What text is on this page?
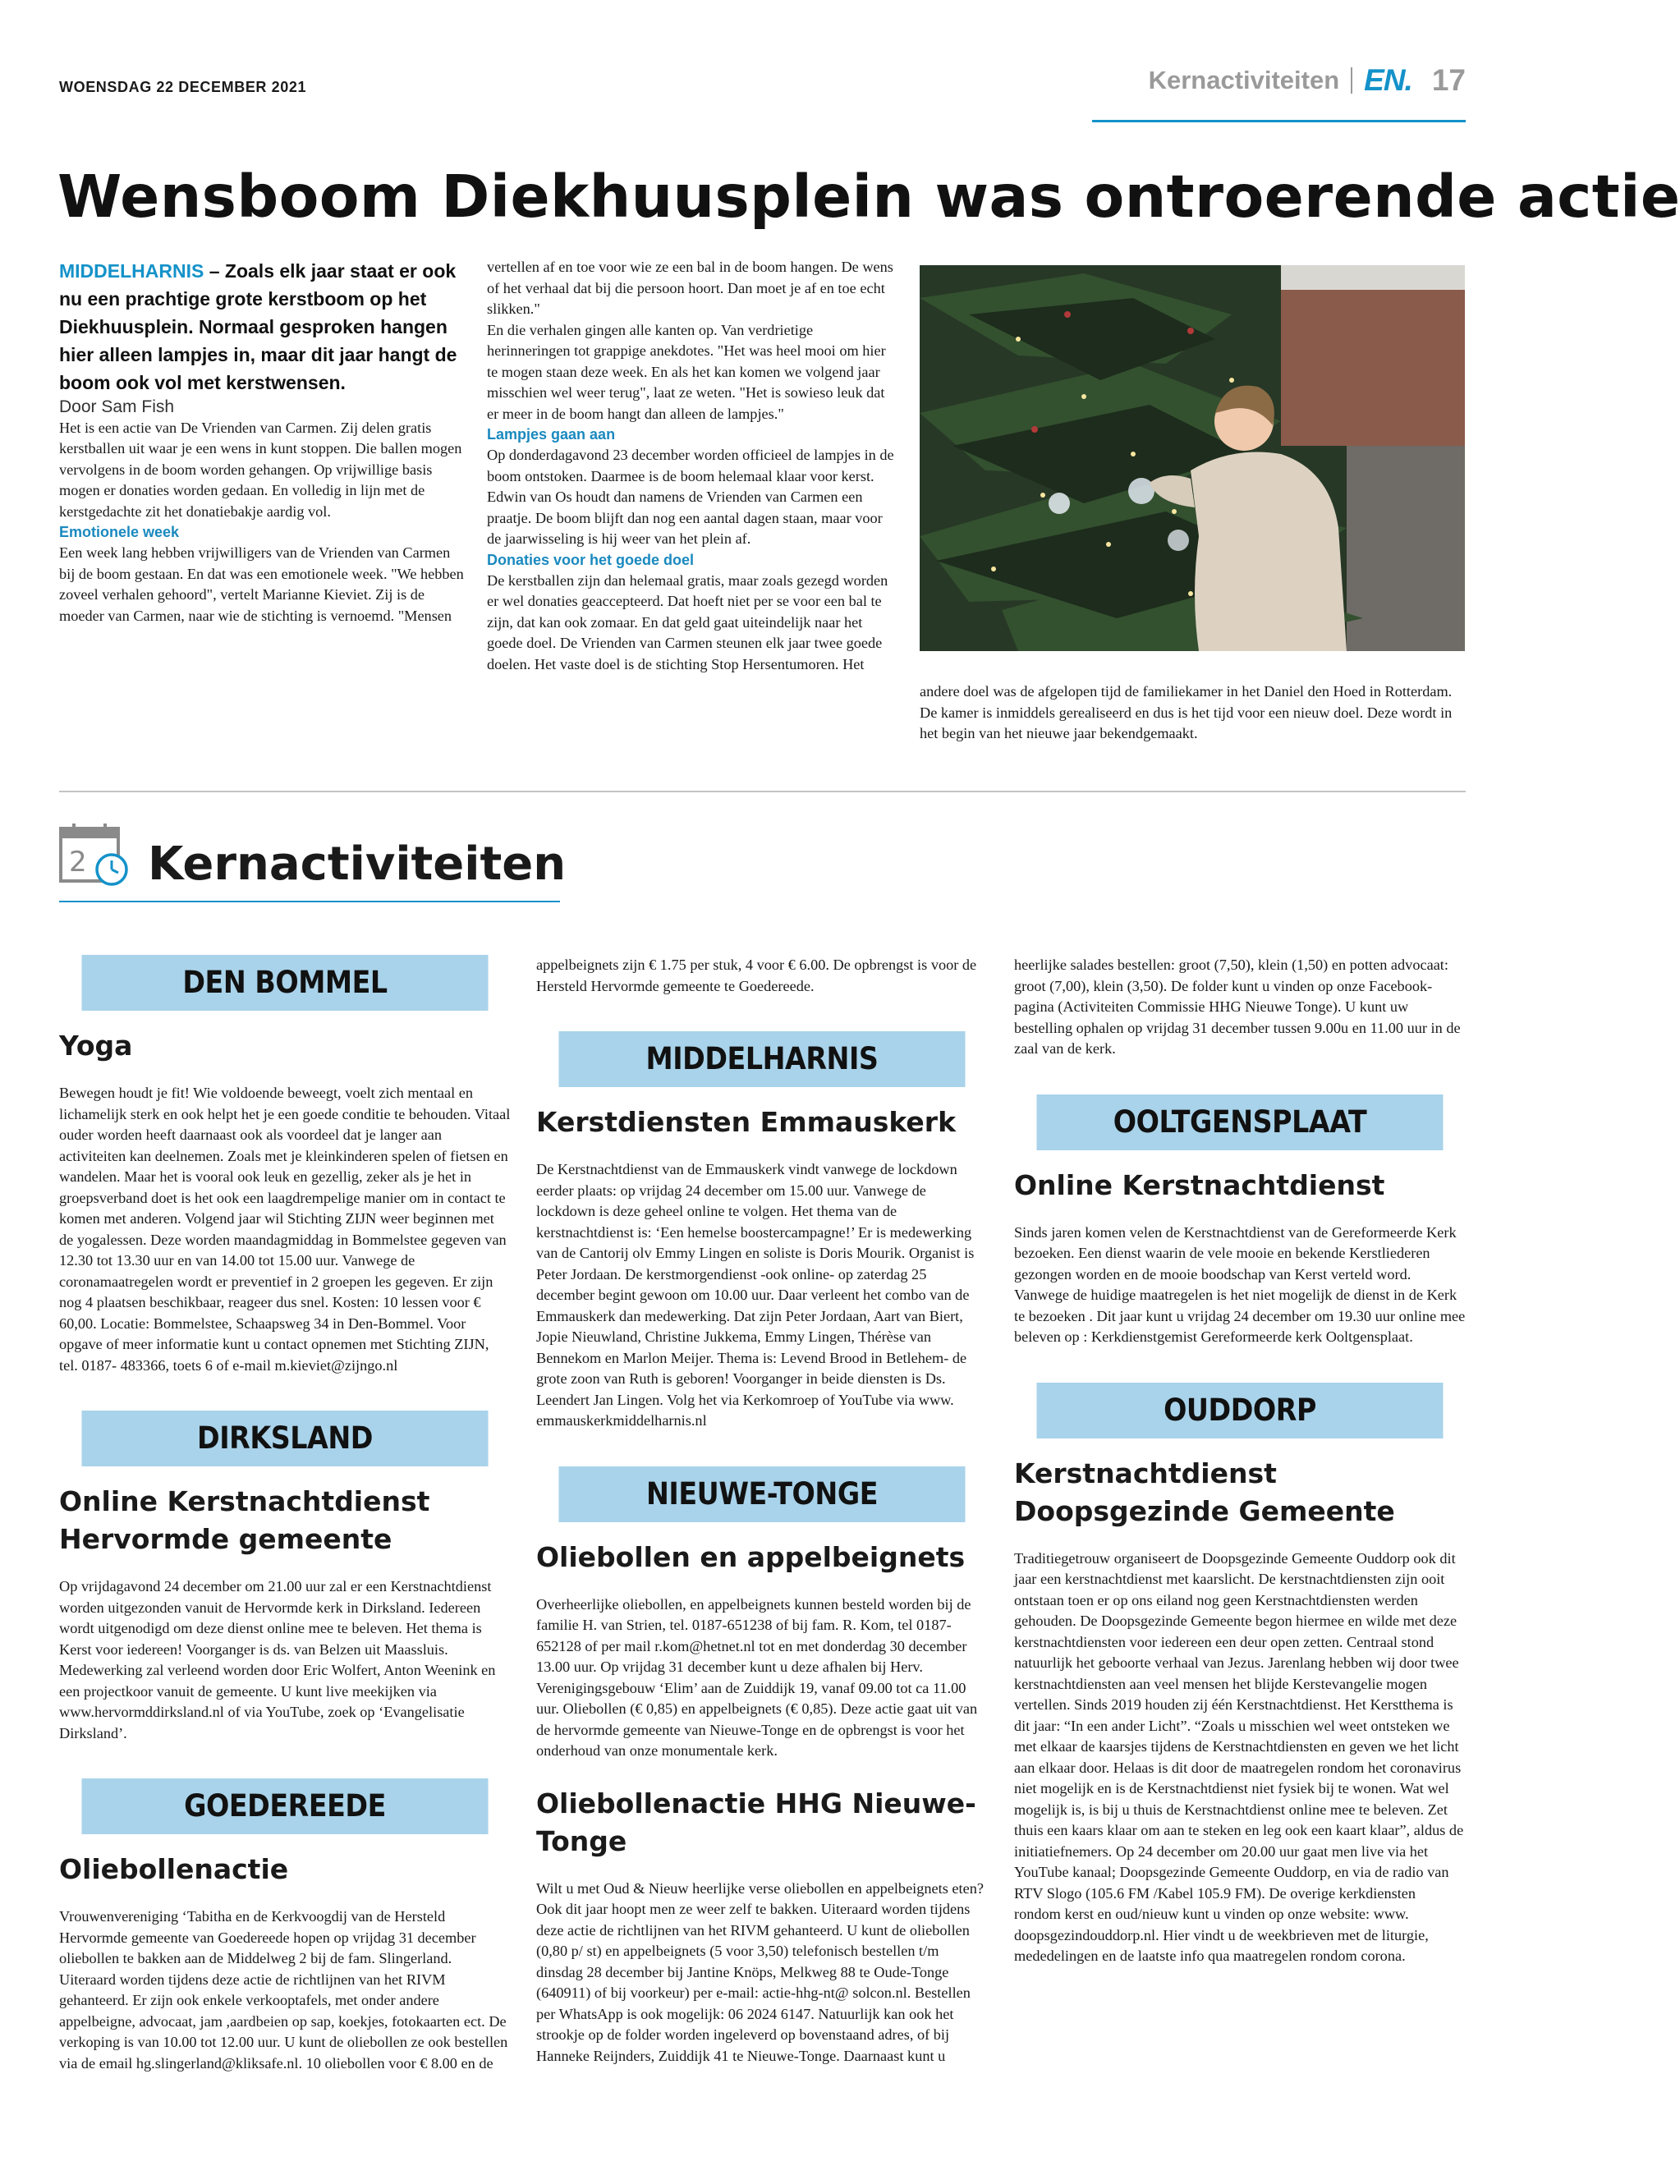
WOENSDAG 22 DECEMBER 2021	Kernactiviteiten EN. 17
Wensboom Diekhuusplein was ontroerende actie

MIDDELHARNIS – Zoals elk jaar staat er ook nu een prachtige grote kerstboom op het Diekhuusplein. Normaal gesproken hangen hier alleen lampjes in, maar dit jaar hangt de boom ook vol met kerstwensen.

Door Sam Fish

Het is een actie van De Vrienden van Carmen. Zij delen gratis kerstballen uit waar je een wens in kunt stoppen. Die ballen mogen vervolgens in de boom worden gehangen. Op vrijwillige basis mogen er donaties worden gedaan. En volledig in lijn met de kerstgedachte zit het donatiebakje aardig vol.

Emotionele week

Een week lang hebben vrijwilligers van de Vrienden van Carmen bij de boom gestaan. En dat was een emotionele week. "We hebben zoveel verhalen gehoord", vertelt Marianne Kieviet. Zij is de moeder van Carmen, naar wie de stichting is vernoemd. "Mensen

vertellen af en toe voor wie ze een bal in de boom hangen. De wens of het verhaal dat bij die persoon hoort. Dan moet je af en toe echt slikken."

En die verhalen gingen alle kanten op. Van verdrietige herinneringen tot grappige anekdotes. "Het was heel mooi om hier te mogen staan deze week. En als het kan komen we volgend jaar misschien wel weer terug", laat ze weten. "Het is sowieso leuk dat er meer in de boom hangt dan alleen de lampjes."

Lampjes gaan aan

Op donderdagavond 23 december worden officieel de lampjes in de boom ontstoken. Daarmee is de boom helemaal klaar voor kerst. Edwin van Os houdt dan namens de Vrienden van Carmen een praatje. De boom blijft dan nog een aantal dagen staan, maar voor de jaarwisseling is hij weer van het plein af.

Donaties voor het goede doel

De kerstballen zijn dan helemaal gratis, maar zoals gezegd worden er wel donaties geaccepteerd. Dat hoeft niet per se voor een bal te zijn, dat kan ook zomaar. En dat geld gaat uiteindelijk naar het goede doel. De Vrienden van Carmen steunen elk jaar twee goede doelen. Het vaste doel is de stichting Stop Hersentumoren. Het

2 Kernactiviteiten
DEN BOMMEL
Yoga

Bewegen houdt je fit! Wie voldoende beweegt, voelt zich mentaal en lichamelijk sterk en ook helpt het je een goede conditie te behouden. Vitaal ouder worden heeft daarnaast ook als voordeel dat je langer aan activiteiten kan deelnemen. Zoals met je kleinkinderen spelen of fietsen en wandelen. Maar het is vooral ook leuk en gezellig, zeker als je het in groepsverband doet is het ook een laagdrempelige manier om in contact te komen met anderen. Volgend jaar wil Stichting ZIJN weer beginnen met de yogalessen. Deze worden maandagmiddag in Bommelstee gegeven van 12.30 tot 13.30 uur en van 14.00 tot 15.00 uur. Vanwege de coronamaatregelen wordt er preventief in 2 groepen les gegeven. Er zijn nog 4 plaatsen beschikbaar, reageer dus snel. Kosten: 10 lessen voor € 60,00. Locatie: Bommelstee, Schaapsweg 34 in Den-Bommel. Voor opgave of meer informatie kunt u contact opnemen met Stichting ZIJN, tel. 0187- 483366, toets 6 of e-mail m.kieviet@zijngo.nl

DIRKSLAND
Online Kerstnachtdienst Hervormde gemeente

Op vrijdagavond 24 december om 21.00 uur zal er een Kerstnachtdienst worden uitgezonden vanuit de Hervormde kerk in Dirksland. Iedereen wordt uitgenodigd om deze dienst online mee te beleven. Het thema is Kerst voor iedereen! Voorganger is ds. van Belzen uit Maassluis. Medewerking zal verleend worden door Eric Wolfert, Anton Weenink en een projectkoor vanuit de gemeente. U kunt live meekijken via www.hervormddirksland.nl of via YouTube, zoek op ‘Evangelisatie Dirksland’.

GOEDEREEDE
Oliebollenactie

Vrouwenvereniging ‘Tabitha en de Kerkvoogdij van de Hersteld Hervormde gemeente van Goedereede hopen op vrijdag 31 december oliebollen te bakken aan de Middelweg 2 bij de fam. Slingerland. Uiteraard worden tijdens deze actie de richtlijnen van het RIVM gehanteerd. Er zijn ook enkele verkooptafels, met onder andere appelbeigne, advocaat, jam ,aardbeien op sap, koekjes, fotokaarten ect. De verkoping is van 10.00 tot 12.00 uur. U kunt de oliebollen ze ook bestellen via de email hg.slingerland@kliksafe.nl. 10 oliebollen voor € 8.00 en de

appelbeignets zijn € 1.75 per stuk, 4 voor € 6.00. De opbrengst is voor de Hersteld Hervormde gemeente te Goedereede.

MIDDELHARNIS
Kerstdiensten Emmauskerk

De Kerstnachtdienst van de Emmauskerk vindt vanwege de lockdown eerder plaats: op vrijdag 24 december om 15.00 uur. Vanwege de lockdown is deze geheel online te volgen. Het thema van de kerstnachtdienst is: ‘Een hemelse boostercampagne!’ Er is medewerking van de Cantorij olv Emmy Lingen en soliste is Doris Mourik. Organist is Peter Jordaan. De kerstmorgendienst -ook online- op zaterdag 25 december begint gewoon om 10.00 uur. Daar verleent het combo van de Emmauskerk dan medewerking. Dat zijn Peter Jordaan, Aart van Biert, Jopie Nieuwland, Christine Jukkema, Emmy Lingen, Thérèse van Bennekom en Marlon Meijer. Thema is: Levend Brood in Betlehem- de grote zoon van Ruth is geboren! Voorganger in beide diensten is Ds. Leendert Jan Lingen. Volg het via Kerkomroep of YouTube via www. emmauskerkmiddelharnis.nl

NIEUWE-TONGE
Oliebollen en appelbeignets

Overheerlijke oliebollen, en appelbeignets kunnen besteld worden bij de familie H. van Strien, tel. 0187-651238 of bij fam. R. Kom, tel 0187-652128 of per mail r.kom@hetnet.nl tot en met donderdag 30 december 13.00 uur. Op vrijdag 31 december kunt u deze afhalen bij Herv. Verenigingsgebouw ‘Elim’ aan de Zuiddijk 19, vanaf 09.00 tot ca 11.00 uur. Oliebollen (€ 0,85) en appelbeignets (€ 0,85). Deze actie gaat uit van de hervormde gemeente van Nieuwe-Tonge en de opbrengst is voor het onderhoud van onze monumentale kerk.

Oliebollenactie HHG Nieuwe-Tonge

Wilt u met Oud & Nieuw heerlijke verse oliebollen en appelbeignets eten? Ook dit jaar hoopt men ze weer zelf te bakken. Uiteraard worden tijdens deze actie de richtlijnen van het RIVM gehanteerd. U kunt de oliebollen (0,80 p/ st) en appelbeignets (5 voor 3,50) telefonisch bestellen t/m dinsdag 28 december bij Jantine Knöps, Melkweg 88 te Oude-Tonge (640911) of bij voorkeur) per e-mail: actie-hhg-nt@ solcon.nl. Bestellen per WhatsApp is ook mogelijk: 06 2024 6147. Natuurlijk kan ook het strookje op de folder worden ingeleverd op bovenstaand adres, of bij Hanneke Reijnders, Zuiddijk 41 te Nieuwe-Tonge. Daarnaast kunt u

heerlijke salades bestellen: groot (7,50), klein (1,50) en potten advocaat: groot (7,00), klein (3,50). De folder kunt u vinden op onze Facebook-pagina (Activiteiten Commissie HHG Nieuwe Tonge). U kunt uw bestelling ophalen op vrijdag 31 december tussen 9.00u en 11.00 uur in de zaal van de kerk.

OOLTGENSPLAAT
Online Kerstnachtdienst

Sinds jaren komen velen de Kerstnachtdienst van de Gereformeerde Kerk bezoeken. Een dienst waarin de vele mooie en bekende Kerstliederen gezongen worden en de mooie boodschap van Kerst verteld word. Vanwege de huidige maatregelen is het niet mogelijk de dienst in de Kerk te bezoeken . Dit jaar kunt u vrijdag 24 december om 19.30 uur online mee beleven op : Kerkdienstgemist Gereformeerde kerk Ooltgensplaat.

OUDDORP
Kerstnachtdienst Doopsgezinde Gemeente

Traditiegetrouw organiseert de Doopsgezinde Gemeente Ouddorp ook dit jaar een kerstnachtdienst met kaarslicht. De kerstnachtdiensten zijn ooit ontstaan toen er op ons eiland nog geen Kerstnachtdiensten werden gehouden. De Doopsgezinde Gemeente begon hiermee en wilde met deze kerstnachtdiensten voor iedereen een deur open zetten. Centraal stond natuurlijk het geboorte verhaal van Jezus. Jarenlang hebben wij door twee kerstnachtdiensten aan veel mensen het blijde Kerstevangelie mogen vertellen. Sinds 2019 houden zij één Kerstnachtdienst. Het Kerstthema is dit jaar: “In een ander Licht”. “Zoals u misschien wel weet ontsteken we met elkaar de kaarsjes tijdens de Kerstnachtdiensten en geven we het licht aan elkaar door. Helaas is dit door de maatregelen rondom het coronavirus niet mogelijk en is de Kerstnachtdienst niet fysiek bij te wonen. Wat wel mogelijk is, is bij u thuis de Kerstnachtdienst online mee te beleven. Zet thuis een kaars klaar om aan te steken en leg ook een kaart klaar”, aldus de initiatiefnemers. Op 24 december om 20.00 uur gaat men live via het YouTube kanaal; Doopsgezinde Gemeente Ouddorp, en via de radio van RTV Slogo (105.6 FM /Kabel 105.9 FM). De overige kerkdiensten rondom kerst en oud/nieuw kunt u vinden op onze website: www. doopsgezindouddorp.nl. Hier vindt u de weekbrieven met de liturgie, mededelingen en de laatste info qua maatregelen rondom corona.

andere doel was de afgelopen tijd de familiekamer in het Daniel den Hoed in Rotterdam. De kamer is inmiddels gerealiseerd en dus is het tijd voor een nieuw doel. Deze wordt in het begin van het nieuwe jaar bekendgemaakt.
